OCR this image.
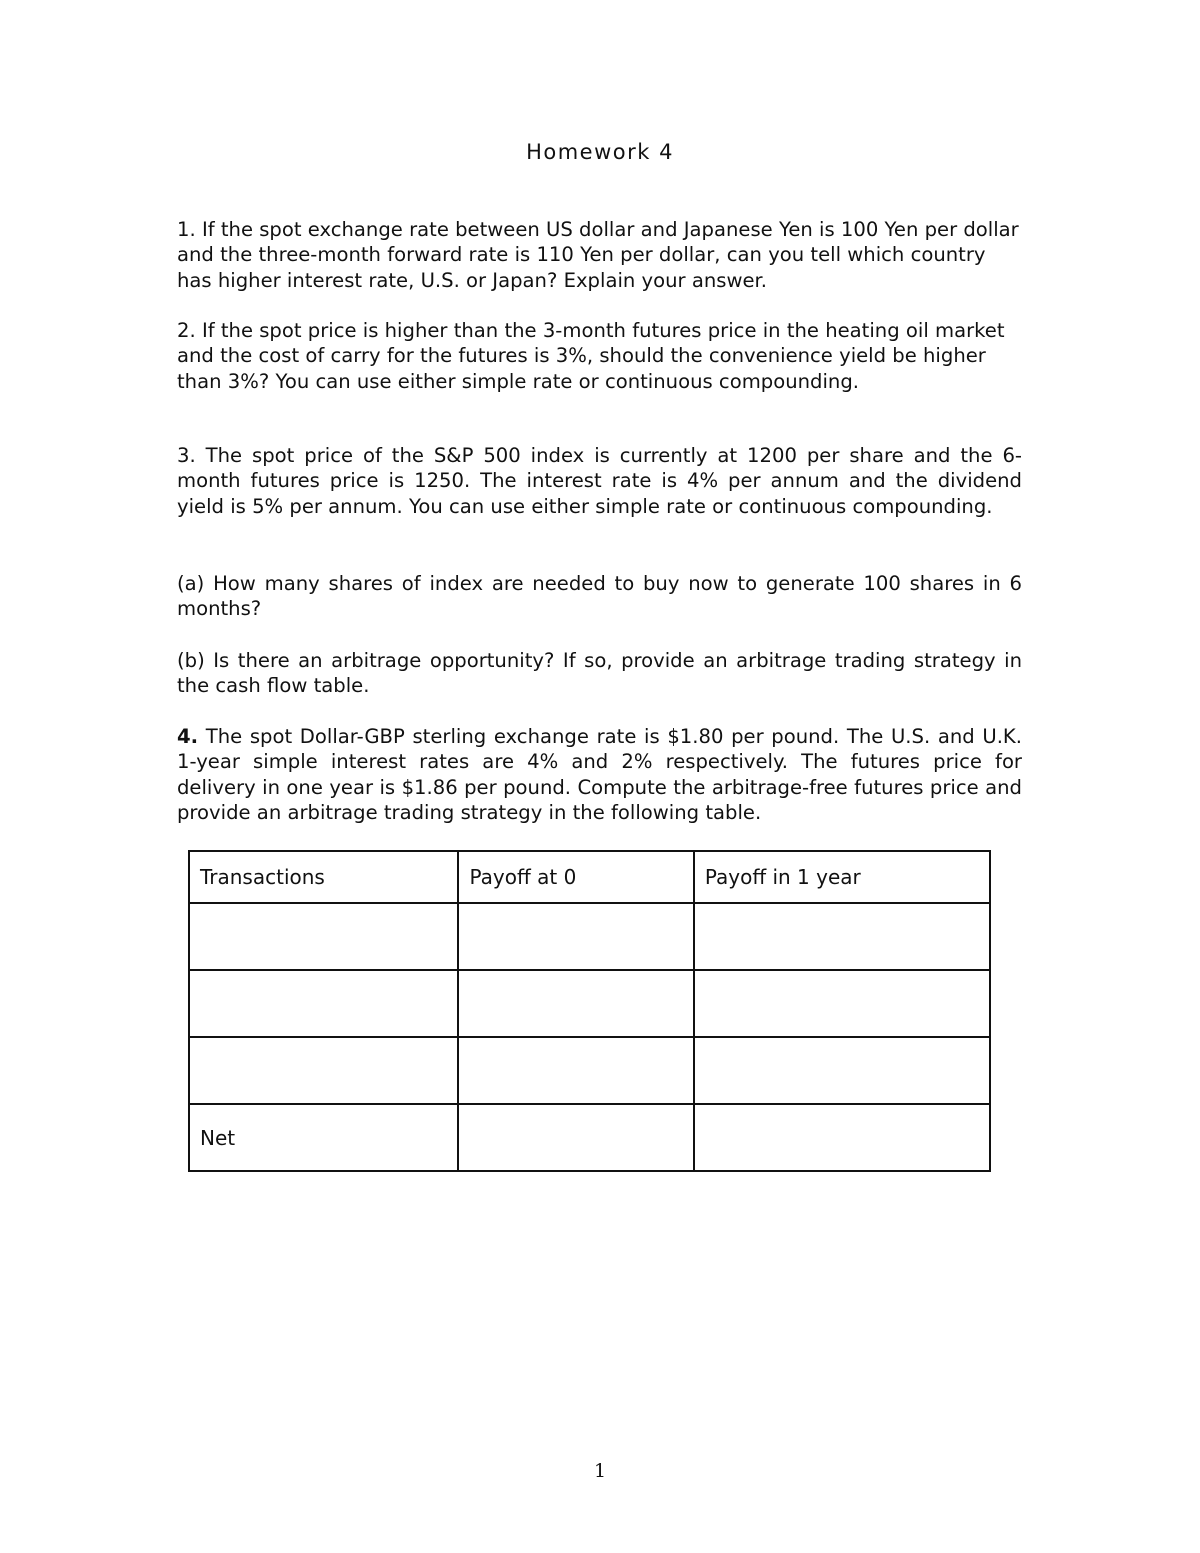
Homework 4

1. If the spot exchange rate between US dollar and Japanese Yen is 100 Yen per dollar and the three-month forward rate is 110 Yen per dollar, can you tell which country has higher interest rate, U.S. or Japan? Explain your answer.

2. If the spot price is higher than the 3-month futures price in the heating oil market and the cost of carry for the futures is 3%, should the convenience yield be higher than 3%? You can use either simple rate or continuous compounding.

3. The spot price of the S&P 500 index is currently at 1200 per share and the 6-month futures price is 1250. The interest rate is 4% per annum and the dividend yield is 5% per annum. You can use either simple rate or continuous compounding.

(a) How many shares of index are needed to buy now to generate 100 shares in 6 months?

(b) Is there an arbitrage opportunity? If so, provide an arbitrage trading strategy in the cash flow table.

4. The spot Dollar-GBP sterling exchange rate is $1.80 per pound. The U.S. and U.K. 1-year simple interest rates are 4% and 2% respectively. The futures price for delivery in one year is $1.86 per pound. Compute the arbitrage-free futures price and provide an arbitrage trading strategy in the following table.

Transactions	Payoff at 0	Payoff in 1 year

Net		
1
